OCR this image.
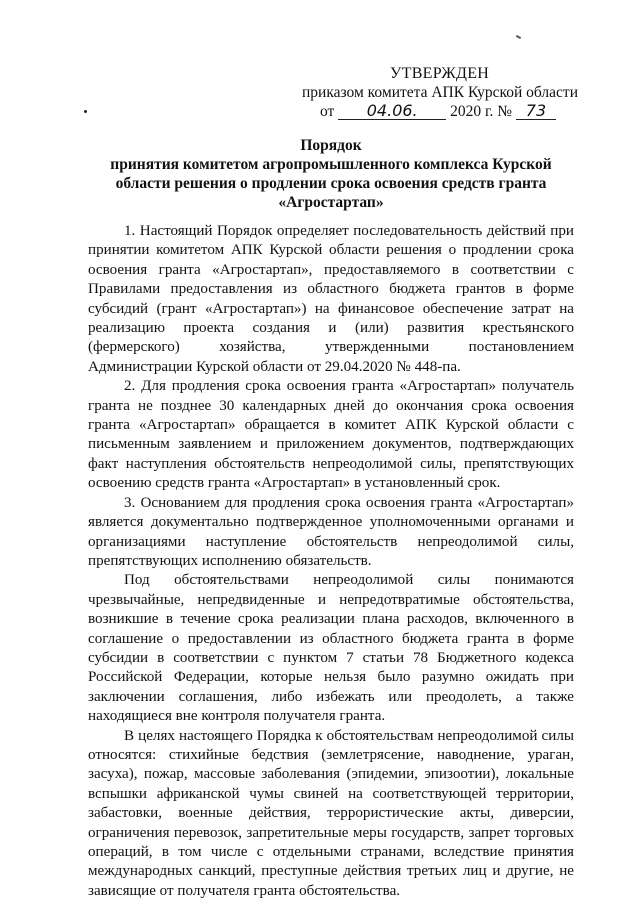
УТВЕРЖДЕН
приказом комитета АПК Курской области
от 04.06. 2020 г. № 73
Порядок
принятия комитетом агропромышленного комплекса Курской области решения о продлении срока освоения средств гранта «Агростартап»

1. Настоящий Порядок определяет последовательность действий при принятии комитетом АПК Курской области решения о продлении срока освоения гранта «Агростартап», предоставляемого в соответствии с Правилами предоставления из областного бюджета грантов в форме субсидий (грант «Агростартап») на финансовое обеспечение затрат на реализацию проекта создания и (или) развития крестьянского (фермерского) хозяйства, утвержденными постановлением Администрации Курской области от 29.04.2020 № 448-па.

2. Для продления срока освоения гранта «Агростартап» получатель гранта не позднее 30 календарных дней до окончания срока освоения гранта «Агростартап» обращается в комитет АПК Курской области с письменным заявлением и приложением документов, подтверждающих факт наступления обстоятельств непреодолимой силы, препятствующих освоению средств гранта «Агростартап» в установленный срок.

3. Основанием для продления срока освоения гранта «Агростартап» является документально подтвержденное уполномоченными органами и организациями наступление обстоятельств непреодолимой силы, препятствующих исполнению обязательств.

Под обстоятельствами непреодолимой силы понимаются чрезвычайные, непредвиденные и непредотвратимые обстоятельства, возникшие в течение срока реализации плана расходов, включенного в соглашение о предоставлении из областного бюджета гранта в форме субсидии в соответствии с пунктом 7 статьи 78 Бюджетного кодекса Российской Федерации, которые нельзя было разумно ожидать при заключении соглашения, либо избежать или преодолеть, а также находящиеся вне контроля получателя гранта.

В целях настоящего Порядка к обстоятельствам непреодолимой силы относятся: стихийные бедствия (землетрясение, наводнение, ураган, засуха), пожар, массовые заболевания (эпидемии, эпизоотии), локальные вспышки африканской чумы свиней на соответствующей территории, забастовки, военные действия, террористические акты, диверсии, ограничения перевозок, запретительные меры государств, запрет торговых операций, в том числе с отдельными странами, вследствие принятия международных санкций, преступные действия третьих лиц и другие, не зависящие от получателя гранта обстоятельства.
